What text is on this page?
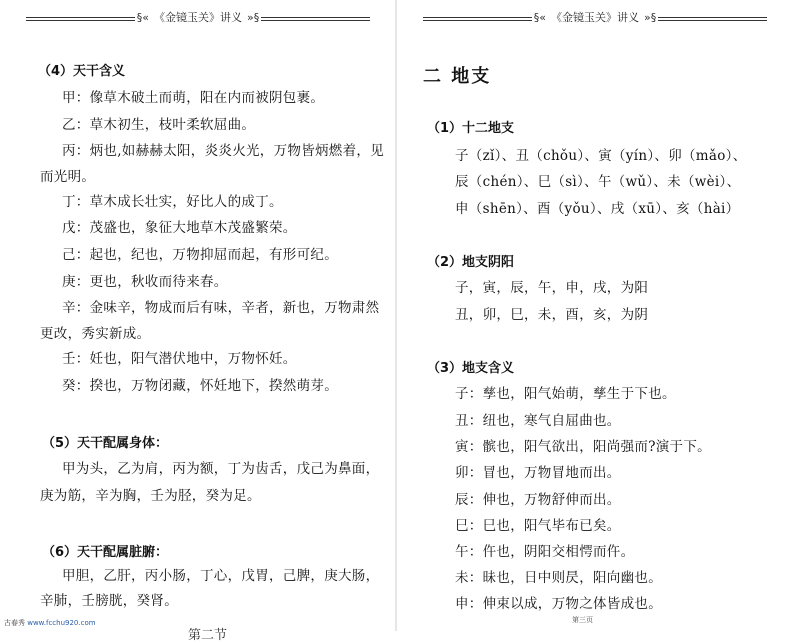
§« 《金镜玉关》讲义 »§
（4）天干含义
甲：像草木破土而萌，阳在内而被阴包裹。
乙：草木初生，枝叶柔软屈曲。
丙：炳也,如赫赫太阳，炎炎火光，万物皆炳燃着，见
而光明。
丁：草木成长壮实，好比人的成丁。
戊：茂盛也，象征大地草木茂盛繁荣。
己：起也，纪也，万物抑屈而起，有形可纪。
庚：更也，秋收而待来春。
辛：金味辛，物成而后有味，辛者，新也，万物肃然
更改，秀实新成。
壬：妊也，阳气潜伏地中，万物怀妊。
癸：揆也，万物闭藏，怀妊地下，揆然萌芽。
（5）天干配属身体：
甲为头，乙为肩，丙为额，丁为齿舌，戊己为鼻面，
庚为筋，辛为胸，壬为胫，癸为足。
（6）天干配属脏腑：
甲胆，乙肝，丙小肠，丁心，戊胃，己脾，庚大肠，
辛肺，壬膀胱，癸肾。
第二节
古春秀 www.fcchu920.com
§« 《金镜玉关》讲义 »§
二 地支
（1）十二地支
子（zǐ）、丑（chǒu）、寅（yín）、卯（mǎo）、
辰（chén）、巳（sì）、午（wǔ）、未（wèi）、
申（shēn）、酉（yǒu）、戌（xū）、亥（hài）
（2）地支阴阳
子，寅，辰，午，申，戌，为阳
丑，卯，巳，未，酉，亥，为阴
（3）地支含义
子：孳也，阳气始萌，孳生于下也。
丑：纽也，寒气自屈曲也。
寅：髌也，阳气欲出，阳尚强而?演于下。
卯：冒也，万物冒地而出。
辰：伸也，万物舒伸而出。
巳：巳也，阳气毕布已矣。
午：仵也，阴阳交相愕而仵。
未：昧也，日中则昃，阳向幽也。
申：伸束以成，万物之体皆成也。
第三页
